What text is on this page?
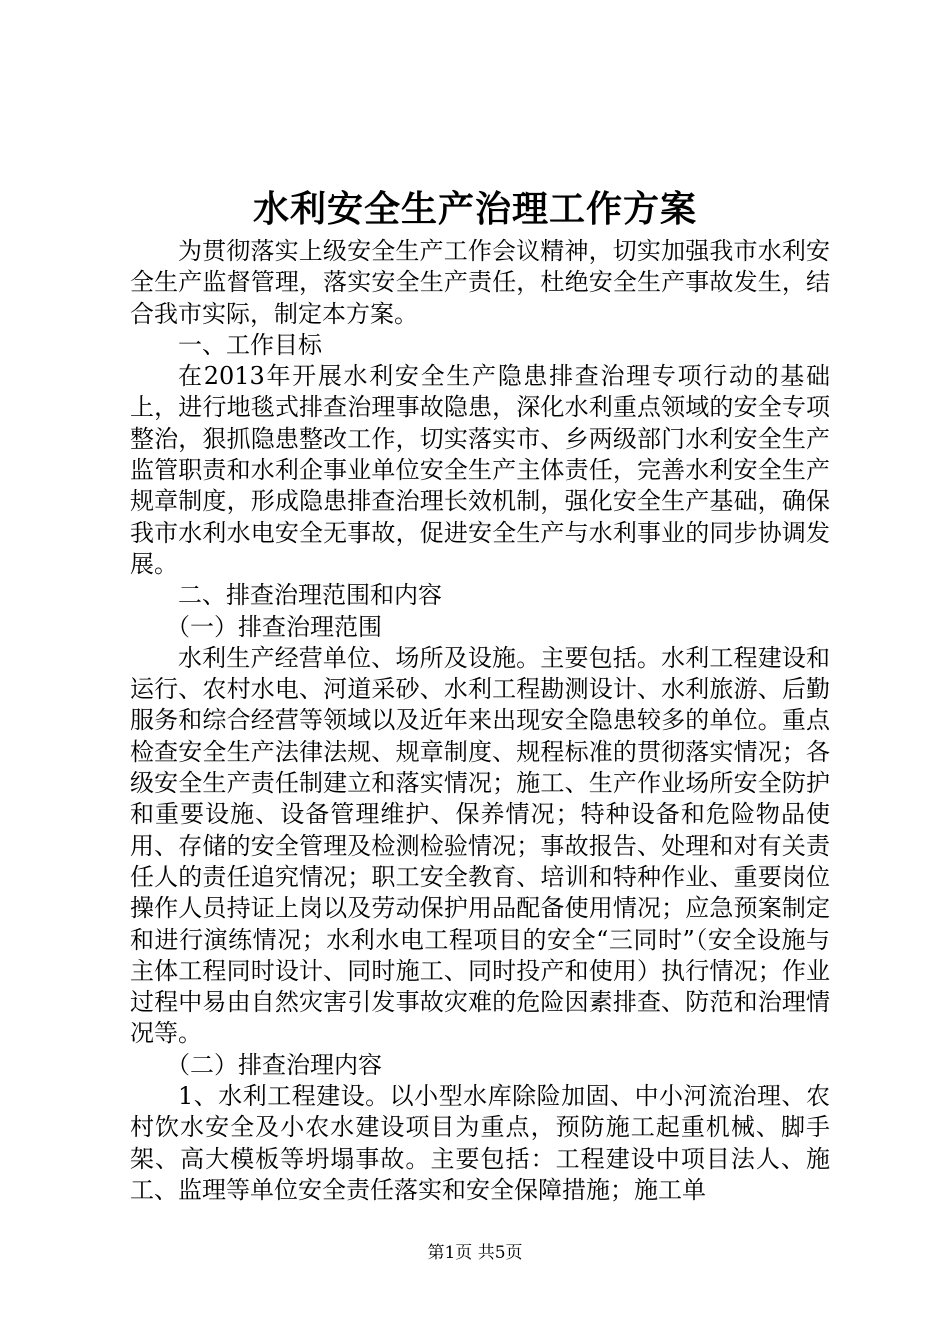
水利安全生产治理工作方案

为贯彻落实上级安全生产工作会议精神，切实加强我市水利安全生产监督管理，落实安全生产责任，杜绝安全生产事故发生，结合我市实际，制定本方案。

一、工作目标

在2013年开展水利安全生产隐患排查治理专项行动的基础上，进行地毯式排查治理事故隐患，深化水利重点领域的安全专项整治，狠抓隐患整改工作，切实落实市、乡两级部门水利安全生产监管职责和水利企事业单位安全生产主体责任，完善水利安全生产规章制度，形成隐患排查治理长效机制，强化安全生产基础，确保我市水利水电安全无事故，促进安全生产与水利事业的同步协调发展。

二、排查治理范围和内容

（一）排查治理范围

水利生产经营单位、场所及设施。主要包括。水利工程建设和运行、农村水电、河道采砂、水利工程勘测设计、水利旅游、后勤服务和综合经营等领域以及近年来出现安全隐患较多的单位。重点检查安全生产法律法规、规章制度、规程标准的贯彻落实情况；各级安全生产责任制建立和落实情况；施工、生产作业场所安全防护和重要设施、设备管理维护、保养情况；特种设备和危险物品使用、存储的安全管理及检测检验情况；事故报告、处理和对有关责任人的责任追究情况；职工安全教育、培训和特种作业、重要岗位操作人员持证上岗以及劳动保护用品配备使用情况；应急预案制定和进行演练情况；水利水电工程项目的安全“三同时”（安全设施与主体工程同时设计、同时施工、同时投产和使用）执行情况；作业过程中易由自然灾害引发事故灾难的危险因素排查、防范和治理情况等。

（二）排查治理内容

1、水利工程建设。以小型水库除险加固、中小河流治理、农村饮水安全及小农水建设项目为重点，预防施工起重机械、脚手架、高大模板等坍塌事故。主要包括：工程建设中项目法人、施工、监理等单位安全责任落实和安全保障措施；施工单

第1页 共5页
